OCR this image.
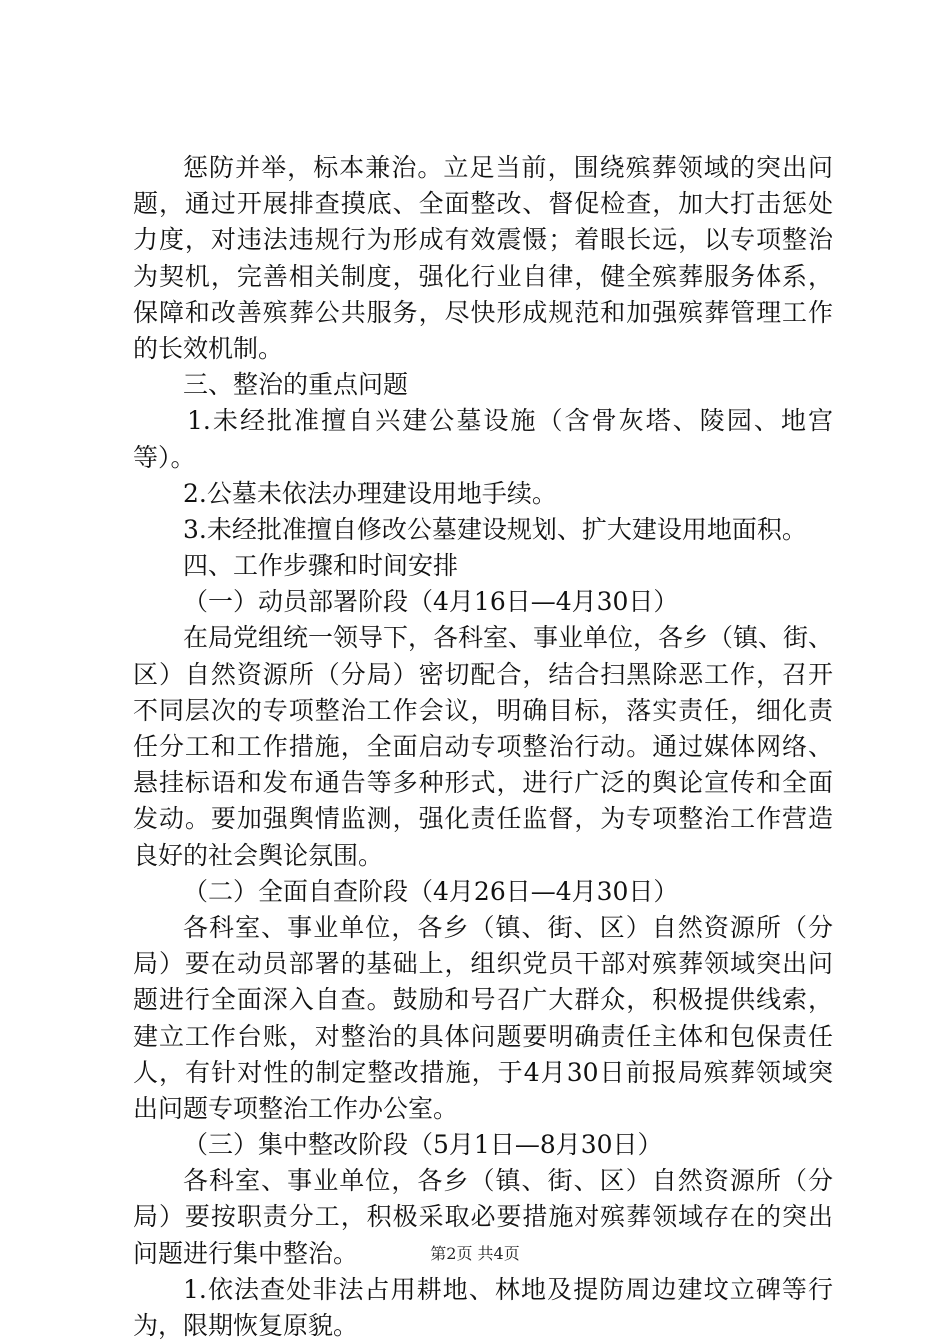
惩防并举，标本兼治。立足当前，围绕殡葬领域的突出问
题，通过开展排查摸底、全面整改、督促检查，加大打击惩处
力度，对违法违规行为形成有效震慑；着眼长远，以专项整治
为契机，完善相关制度，强化行业自律，健全殡葬服务体系，
保障和改善殡葬公共服务，尽快形成规范和加强殡葬管理工作
的长效机制。
三、整治的重点问题
1.未经批准擅自兴建公墓设施（含骨灰塔、陵园、地宫
等）。
2.公墓未依法办理建设用地手续。
3.未经批准擅自修改公墓建设规划、扩大建设用地面积。
四、工作步骤和时间安排
（一）动员部署阶段（4月16日—4月30日）
在局党组统一领导下，各科室、事业单位，各乡（镇、街、
区）自然资源所（分局）密切配合，结合扫黑除恶工作，召开
不同层次的专项整治工作会议，明确目标，落实责任，细化责
任分工和工作措施，全面启动专项整治行动。通过媒体网络、
悬挂标语和发布通告等多种形式，进行广泛的舆论宣传和全面
发动。要加强舆情监测，强化责任监督，为专项整治工作营造
良好的社会舆论氛围。
（二）全面自查阶段（4月26日—4月30日）
各科室、事业单位，各乡（镇、街、区）自然资源所（分
局）要在动员部署的基础上，组织党员干部对殡葬领域突出问
题进行全面深入自查。鼓励和号召广大群众，积极提供线索，
建立工作台账，对整治的具体问题要明确责任主体和包保责任
人，有针对性的制定整改措施，于4月30日前报局殡葬领域突
出问题专项整治工作办公室。
（三）集中整改阶段（5月1日—8月30日）
各科室、事业单位，各乡（镇、街、区）自然资源所（分
局）要按职责分工，积极采取必要措施对殡葬领域存在的突出
问题进行集中整治。
1.依法查处非法占用耕地、林地及提防周边建坟立碑等行
为，限期恢复原貌。
第2页 共4页
